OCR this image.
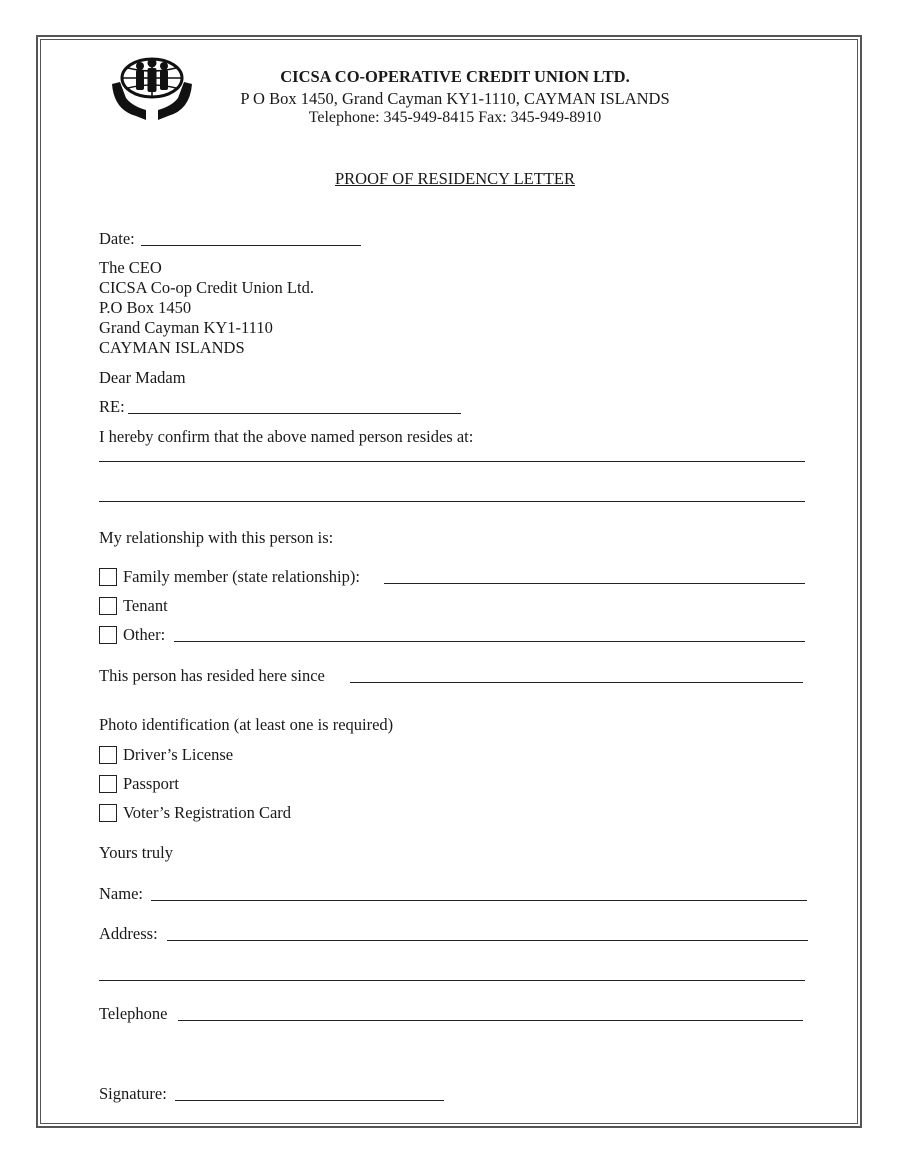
CICSA CO-OPERATIVE CREDIT UNION LTD.
P O Box 1450, Grand Cayman KY1-1110, CAYMAN ISLANDS
Telephone: 345-949-8415 Fax: 345-949-8910
PROOF OF RESIDENCY LETTER
Date:
The CEO
CICSA Co-op Credit Union Ltd.
P.O Box 1450
Grand Cayman KY1-1110
CAYMAN ISLANDS
Dear Madam
RE:
I hereby confirm that the above named person resides at:
My relationship with this person is:
Family member (state relationship):
Tenant
Other:
This person has resided here since
Photo identification (at least one is required)
Driver’s License
Passport
Voter’s Registration Card
Yours truly
Name:
Address:
Telephone
Signature:
